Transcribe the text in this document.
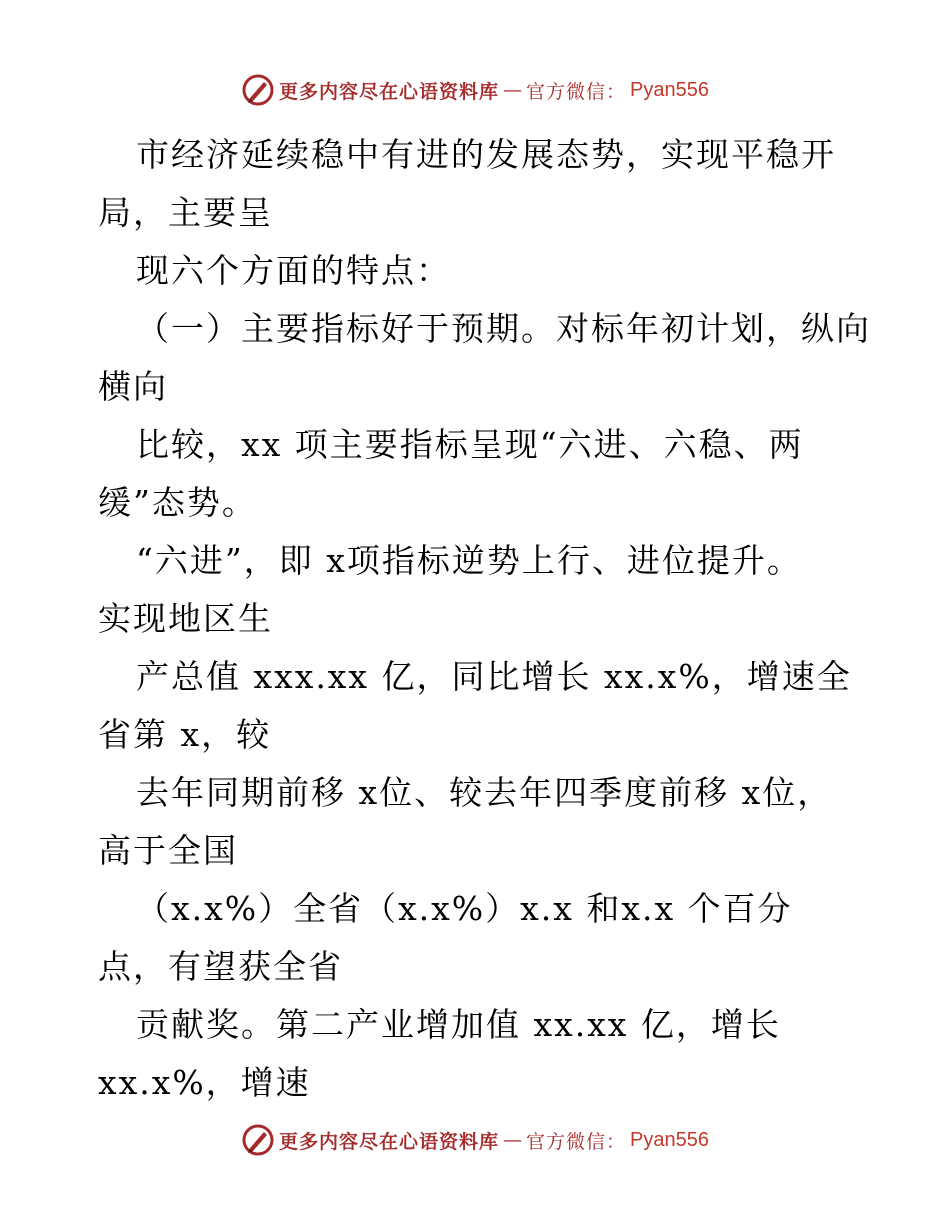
更多内容尽在心语资料库 — 官方微信： Pyan556
市经济延续稳中有进的发展态势，实现平稳开
局，主要呈
现六个方面的特点：
（一）主要指标好于预期。对标年初计划，纵向
横向
比较，xx 项主要指标呈现“六进、六稳、两
缓”态势。
“六进”，即 x项指标逆势上行、进位提升。
实现地区生
产总值 xxx.xx 亿，同比增长 xx.x%，增速全
省第 x，较
去年同期前移 x位、较去年四季度前移 x位，
高于全国
（x.x%）全省（x.x%）x.x 和x.x 个百分
点，有望获全省
贡献奖。第二产业增加值 xx.xx 亿，增长
xx.x%，增速
更多内容尽在心语资料库 — 官方微信： Pyan556
